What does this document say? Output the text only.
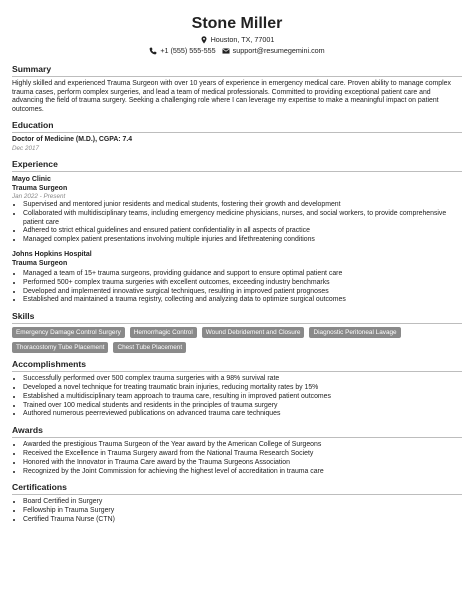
Stone Miller
Houston, TX, 77001
+1 (555) 555-555 support@resumegemini.com
Summary
Highly skilled and experienced Trauma Surgeon with over 10 years of experience in emergency medical care. Proven ability to manage complex trauma cases, perform complex surgeries, and lead a team of medical professionals. Committed to providing exceptional patient care and advancing the field of trauma surgery. Seeking a challenging role where I can leverage my expertise to make a meaningful impact on patient outcomes.
Education
Doctor of Medicine (M.D.), CGPA: 7.4
Dec 2017
Experience
Mayo Clinic
Trauma Surgeon
Jan 2022 - Present
• Supervised and mentored junior residents and medical students, fostering their growth and development
• Collaborated with multidisciplinary teams, including emergency medicine physicians, nurses, and social workers, to provide comprehensive patient care
• Adhered to strict ethical guidelines and ensured patient confidentiality in all aspects of practice
• Managed complex patient presentations involving multiple injuries and lifethreatening conditions
Johns Hopkins Hospital
Trauma Surgeon
• Managed a team of 15+ trauma surgeons, providing guidance and support to ensure optimal patient care
• Performed 500+ complex trauma surgeries with excellent outcomes, exceeding industry benchmarks
• Developed and implemented innovative surgical techniques, resulting in improved patient prognoses
• Established and maintained a trauma registry, collecting and analyzing data to optimize surgical outcomes
Skills
Emergency Damage Control Surgery	Hemorrhagic Control	Wound Debridement and Closure	Diagnostic Peritoneal Lavage
Thoracostomy Tube Placement	Chest Tube Placement
Accomplishments
• Successfully performed over 500 complex trauma surgeries with a 98% survival rate
• Developed a novel technique for treating traumatic brain injuries, reducing mortality rates by 15%
• Established a multidisciplinary team approach to trauma care, resulting in improved patient outcomes
• Trained over 100 medical students and residents in the principles of trauma surgery
• Authored numerous peerreviewed publications on advanced trauma care techniques
Awards
• Awarded the prestigious Trauma Surgeon of the Year award by the American College of Surgeons
• Received the Excellence in Trauma Surgery award from the National Trauma Research Society
• Honored with the Innovator in Trauma Care award by the Trauma Surgeons Association
• Recognized by the Joint Commission for achieving the highest level of accreditation in trauma care
Certifications
• Board Certified in Surgery
• Fellowship in Trauma Surgery
• Certified Trauma Nurse (CTN)
